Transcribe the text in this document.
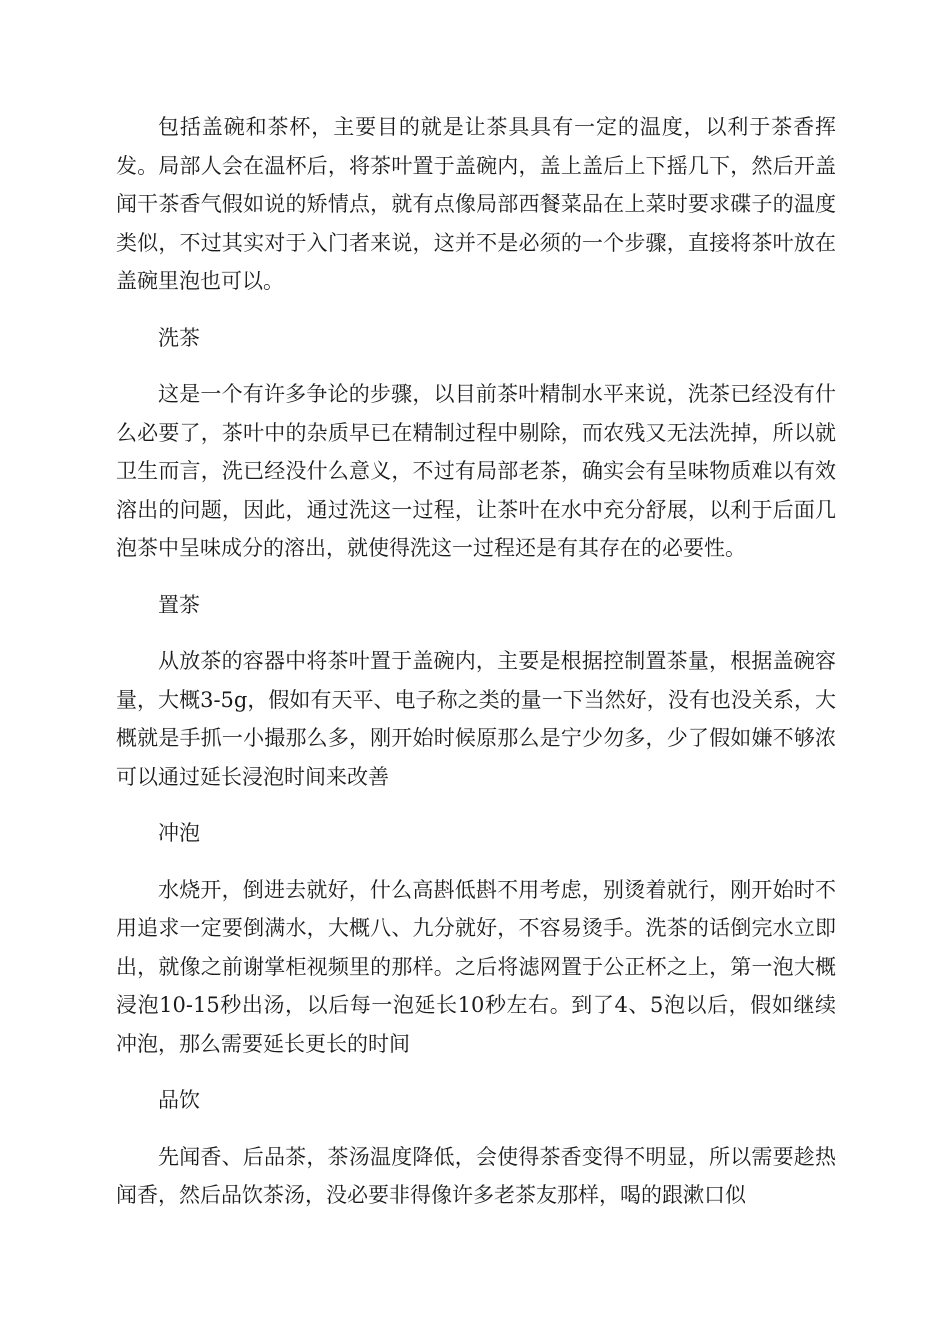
包括盖碗和茶杯，主要目的就是让茶具具有一定的温度，以利于茶香挥发。局部人会在温杯后，将茶叶置于盖碗内，盖上盖后上下摇几下，然后开盖闻干茶香气假如说的矫情点，就有点像局部西餐菜品在上菜时要求碟子的温度类似，不过其实对于入门者来说，这并不是必须的一个步骤，直接将茶叶放在盖碗里泡也可以。

洗茶

这是一个有许多争论的步骤，以目前茶叶精制水平来说，洗茶已经没有什么必要了，茶叶中的杂质早已在精制过程中剔除，而农残又无法洗掉，所以就卫生而言，洗已经没什么意义，不过有局部老茶，确实会有呈味物质难以有效溶出的问题，因此，通过洗这一过程，让茶叶在水中充分舒展，以利于后面几泡茶中呈味成分的溶出，就使得洗这一过程还是有其存在的必要性。

置茶

从放茶的容器中将茶叶置于盖碗内，主要是根据控制置茶量，根据盖碗容量，大概3-5g，假如有天平、电子称之类的量一下当然好，没有也没关系，大概就是手抓一小撮那么多，刚开始时候原那么是宁少勿多，少了假如嫌不够浓可以通过延长浸泡时间来改善

冲泡

水烧开，倒进去就好，什么高斟低斟不用考虑，别烫着就行，刚开始时不用追求一定要倒满水，大概八、九分就好，不容易烫手。洗茶的话倒完水立即出，就像之前谢掌柜视频里的那样。之后将滤网置于公正杯之上，第一泡大概浸泡10-15秒出汤，以后每一泡延长10秒左右。到了4、5泡以后，假如继续冲泡，那么需要延长更长的时间

品饮

先闻香、后品茶，茶汤温度降低，会使得茶香变得不明显，所以需要趁热闻香，然后品饮茶汤，没必要非得像许多老茶友那样，喝的跟漱口似
